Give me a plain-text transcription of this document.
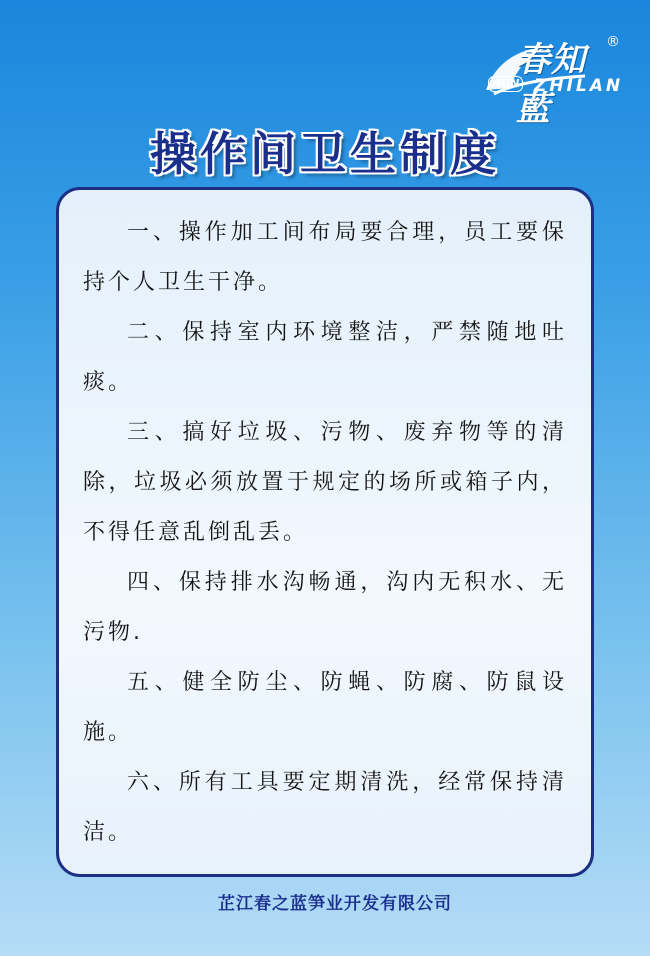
春知藍
®
HUN ZHILAN
操作间卫生制度

一、操作加工间布局要合理，员工要保持个人卫生干净。

二、保持室内环境整洁，严禁随地吐痰。

三、搞好垃圾、污物、废弃物等的清除，垃圾必须放置于规定的场所或箱子内，不得任意乱倒乱丢。

四、保持排水沟畅通，沟内无积水、无污物.

五、健全防尘、防蝇、防腐、防鼠设施。

六、所有工具要定期清洗，经常保持清洁。

芷江春之蓝笋业开发有限公司
